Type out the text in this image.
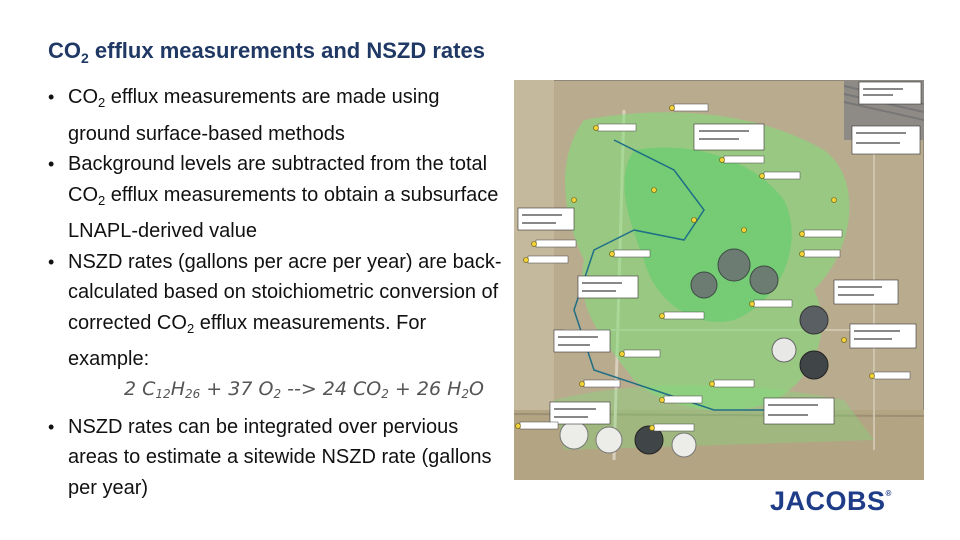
$CO_2$ efflux measurements and NSZD rates
• $CO_2$ efflux measurements are made using ground surface-based methods
• Background levels are subtracted from the total $CO_2$ efflux measurements to obtain a subsurface LNAPL-derived value
• NSZD rates (gallons per acre per year) are back-calculated based on stoichiometric conversion of corrected $CO_2$ efflux measurements. For example:
2 C12H26 + 37 O2 --> 24 CO2 + 26 H2O
• NSZD rates can be integrated over pervious areas to estimate a sitewide NSZD rate (gallons per year)	JACOBS®
